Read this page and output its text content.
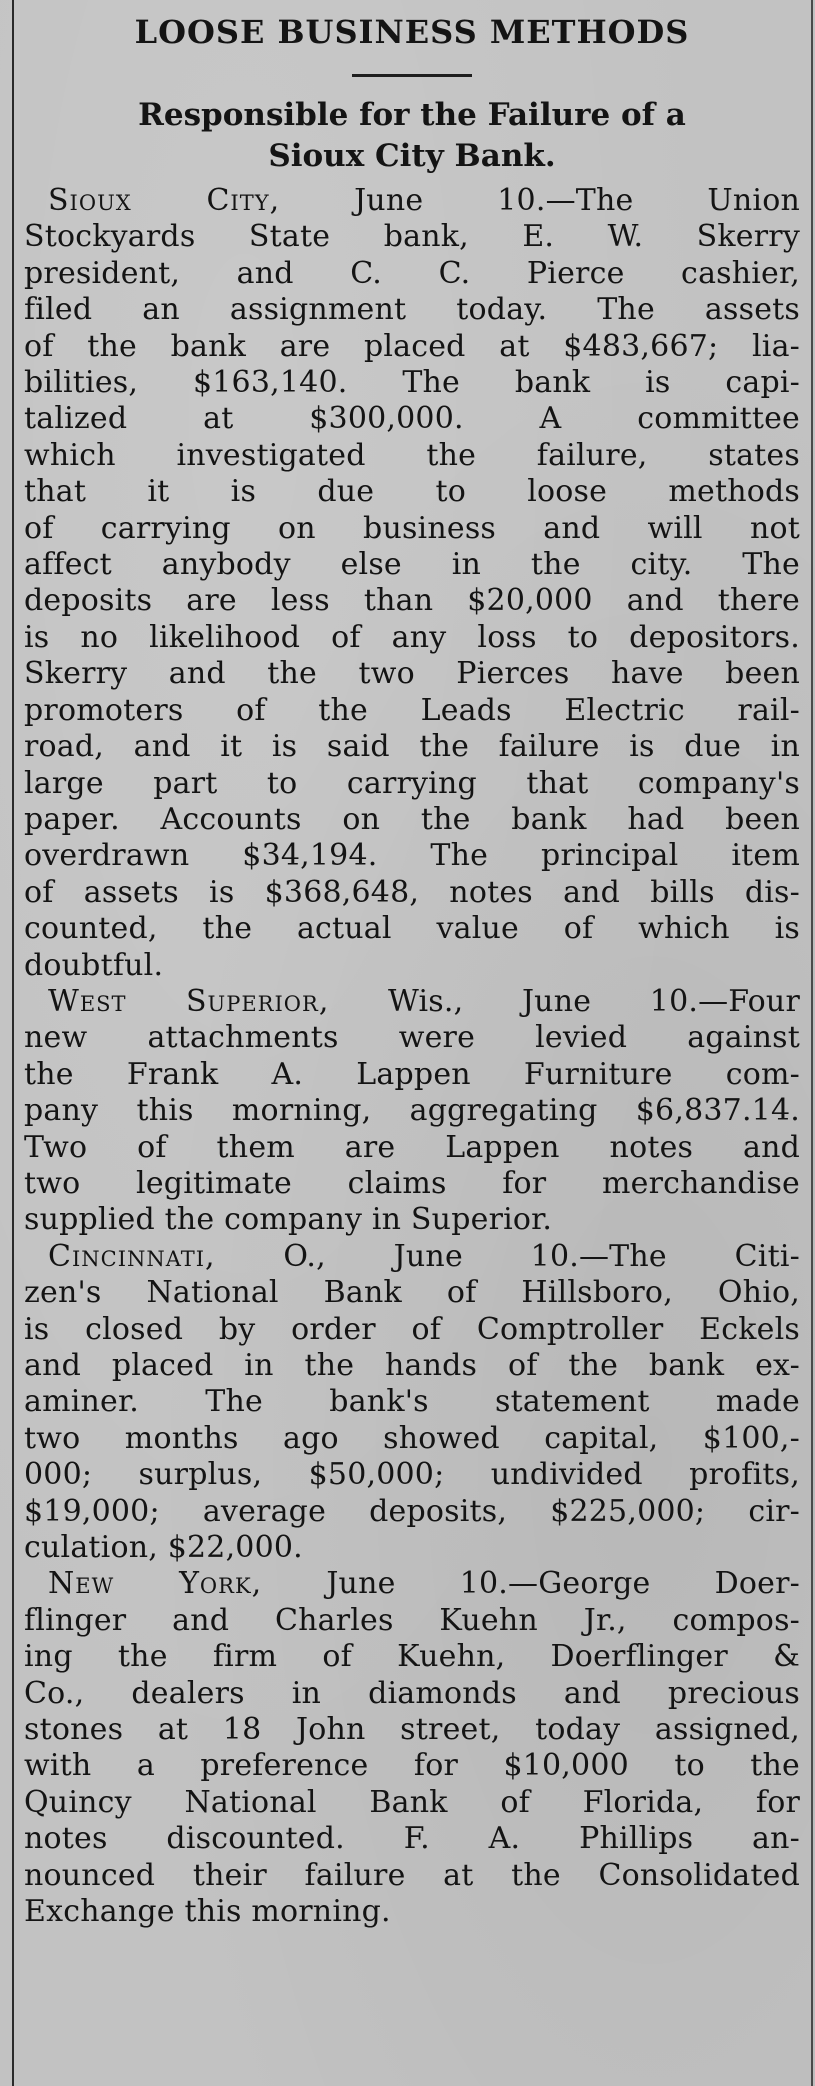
LOOSE BUSINESS METHODS
Responsible for the Failure of a
Sioux City Bank.
Sioux City, June 10.—The Union
Stockyards State bank, E. W. Skerry
president, and C. C. Pierce cashier,
filed an assignment today. The assets
of the bank are placed at $483,667; lia-
bilities, $163,140. The bank is capi-
talized at $300,000. A committee
which investigated the failure, states
that it is due to loose methods
of carrying on business and will not
affect anybody else in the city. The
deposits are less than $20,000 and there
is no likelihood of any loss to depositors.
Skerry and the two Pierces have been
promoters of the Leads Electric rail-
road, and it is said the failure is due in
large part to carrying that company's
paper. Accounts on the bank had been
overdrawn $34,194. The principal item
of assets is $368,648, notes and bills dis-
counted, the actual value of which is
doubtful.
West Superior, Wis., June 10.—Four
new attachments were levied against
the Frank A. Lappen Furniture com-
pany this morning, aggregating $6,837.14.
Two of them are Lappen notes and
two legitimate claims for merchandise
supplied the company in Superior.
Cincinnati, O., June 10.—The Citi-
zen's National Bank of Hillsboro, Ohio,
is closed by order of Comptroller Eckels
and placed in the hands of the bank ex-
aminer. The bank's statement made
two months ago showed capital, $100,-
000; surplus, $50,000; undivided profits,
$19,000; average deposits, $225,000; cir-
culation, $22,000.
New York, June 10.—George Doer-
flinger and Charles Kuehn Jr., compos-
ing the firm of Kuehn, Doerflinger &
Co., dealers in diamonds and precious
stones at 18 John street, today assigned,
with a preference for $10,000 to the
Quincy National Bank of Florida, for
notes discounted. F. A. Phillips an-
nounced their failure at the Consolidated
Exchange this morning.
